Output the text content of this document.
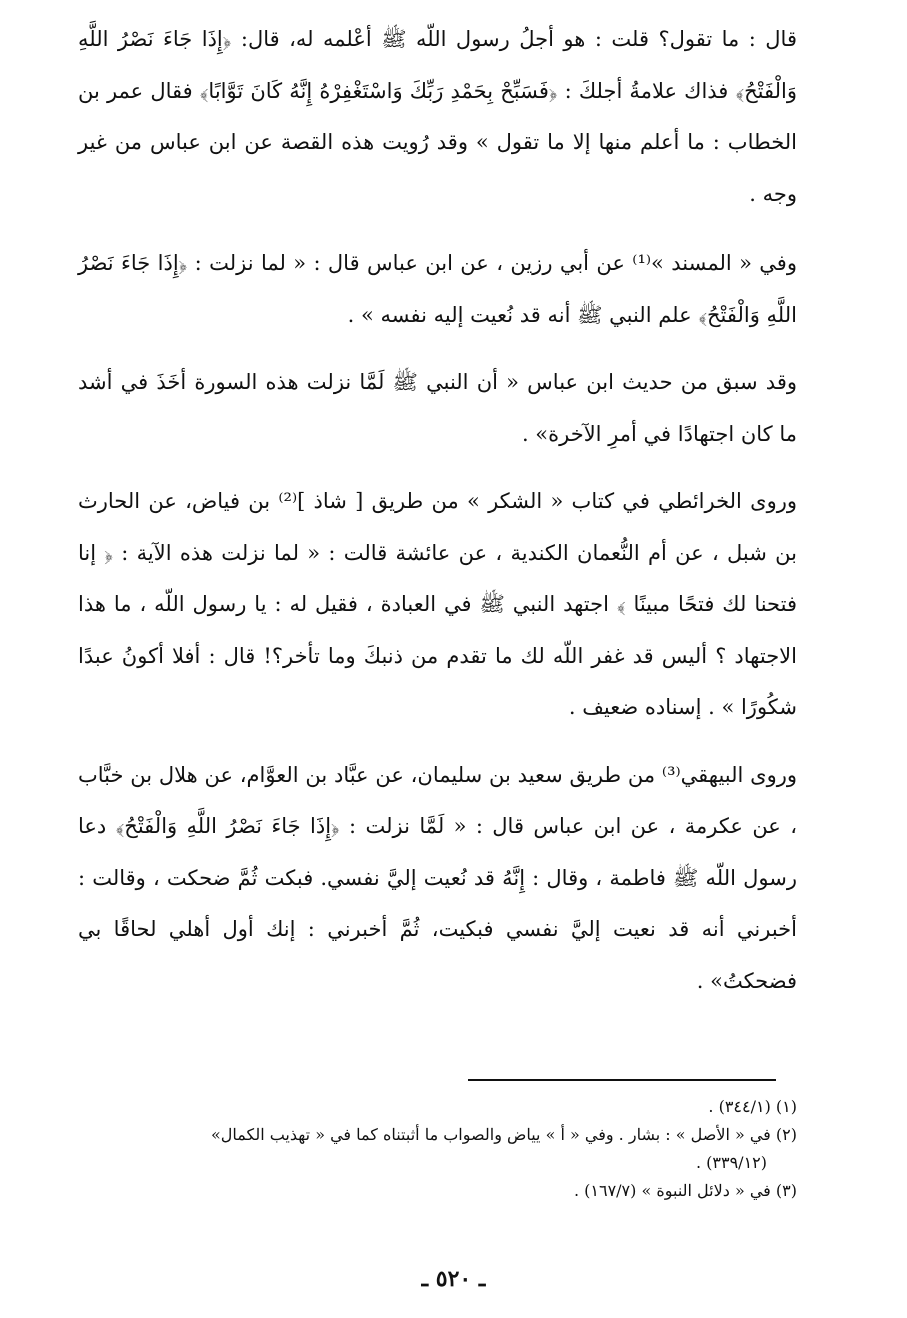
قال : ما تقول؟ قلت : هو أجلُ رسول اللّه ﷺ أعْلمه له، قال: ﴿إِذَا جَاءَ نَصْرُ اللَّهِ وَالْفَتْحُ﴾ فذاك علامةُ أجلكَ : ﴿فَسَبِّحْ بِحَمْدِ رَبِّكَ وَاسْتَغْفِرْهُ إِنَّهُ كَانَ تَوَّابًا﴾ فقال عمر بن الخطاب : ما أعلم منها إلا ما تقول » وقد رُويت هذه القصة عن ابن عباس من غير وجه .

وفي « المسند »⁽¹⁾ عن أبي رزين ، عن ابن عباس قال : « لما نزلت : ﴿إِذَا جَاءَ نَصْرُ اللَّهِ وَالْفَتْحُ﴾ علم النبي ﷺ أنه قد نُعيت إليه نفسه » .

وقد سبق من حديث ابن عباس « أن النبي ﷺ لَمَّا نزلت هذه السورة أخَذَ في أشد ما كان اجتهادًا في أمرِ الآخرة» .

وروى الخرائطي في كتاب « الشكر » من طريق [ شاذ ]⁽²⁾ بن فياض، عن الحارث بن شبل ، عن أم النُّعمان الكندية ، عن عائشة قالت : « لما نزلت هذه الآية : ﴿ إنا فتحنا لك فتحًا مبينًا ﴾ اجتهد النبي ﷺ في العبادة ، فقيل له : يا رسول اللّه ، ما هذا الاجتهاد ؟ أليس قد غفر اللّه لك ما تقدم من ذنبكَ وما تأخر؟! قال : أفلا أكونُ عبدًا شكُورًا » . إسناده ضعيف .

وروى البيهقي⁽³⁾ من طريق سعيد بن سليمان، عن عبَّاد بن العوَّام، عن هلال بن خبَّاب ، عن عكرمة ، عن ابن عباس قال : « لَمَّا نزلت : ﴿إِذَا جَاءَ نَصْرُ اللَّهِ وَالْفَتْحُ﴾ دعا رسول اللّه ﷺ فاطمة ، وقال : إِنَّهُ قد نُعيت إليَّ نفسي. فبكت ثُمَّ ضحكت ، وقالت : أخبرني أنه قد نعيت إليَّ نفسي فبكيت، ثُمَّ أخبرني : إنك أول أهلي لحاقًا بي فضحكتُ» .

(١) (٣٤٤/١) .

(٢) في « الأصل » : بشار . وفي « أ » يياض والصواب ما أثبتناه كما في « تهذيب الكمال»

(٣٣٩/١٢) .

(٣) في « دلائل النبوة » (١٦٧/٧) .

ـ ٥٢٠ ـ
